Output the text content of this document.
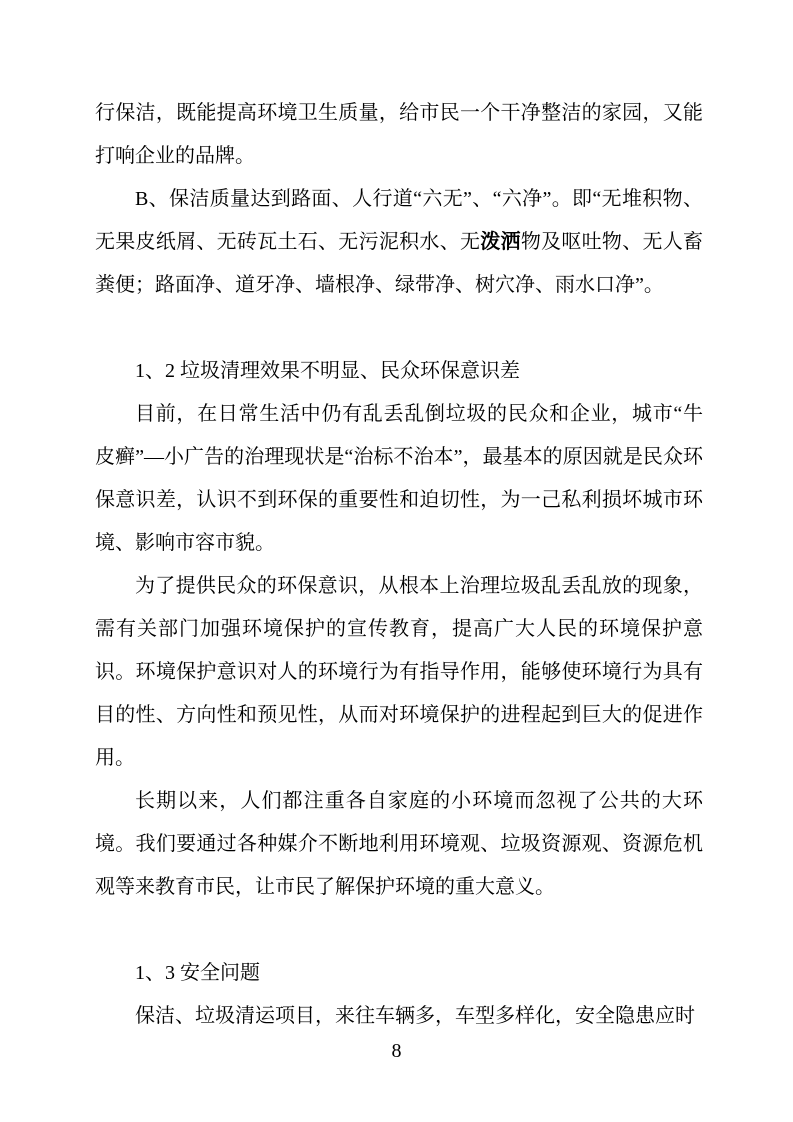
行保洁，既能提高环境卫生质量，给市民一个干净整洁的家园，又能打响企业的品牌。

B、保洁质量达到路面、人行道“六无”、“六净”。即“无堆积物、无果皮纸屑、无砖瓦土石、无污泥积水、无泼洒物及呕吐物、无人畜粪便；路面净、道牙净、墙根净、绿带净、树穴净、雨水口净”。

1、2 垃圾清理效果不明显、民众环保意识差

目前，在日常生活中仍有乱丢乱倒垃圾的民众和企业，城市“牛皮癣”—小广告的治理现状是“治标不治本”，最基本的原因就是民众环保意识差，认识不到环保的重要性和迫切性，为一己私利损坏城市环境、影响市容市貌。

为了提供民众的环保意识，从根本上治理垃圾乱丢乱放的现象，需有关部门加强环境保护的宣传教育，提高广大人民的环境保护意识。环境保护意识对人的环境行为有指导作用，能够使环境行为具有目的性、方向性和预见性，从而对环境保护的进程起到巨大的促进作用。

长期以来，人们都注重各自家庭的小环境而忽视了公共的大环境。我们要通过各种媒介不断地利用环境观、垃圾资源观、资源危机观等来教育市民，让市民了解保护环境的重大意义。

1、3 安全问题

保洁、垃圾清运项目，来往车辆多，车型多样化，安全隐患应时

8
